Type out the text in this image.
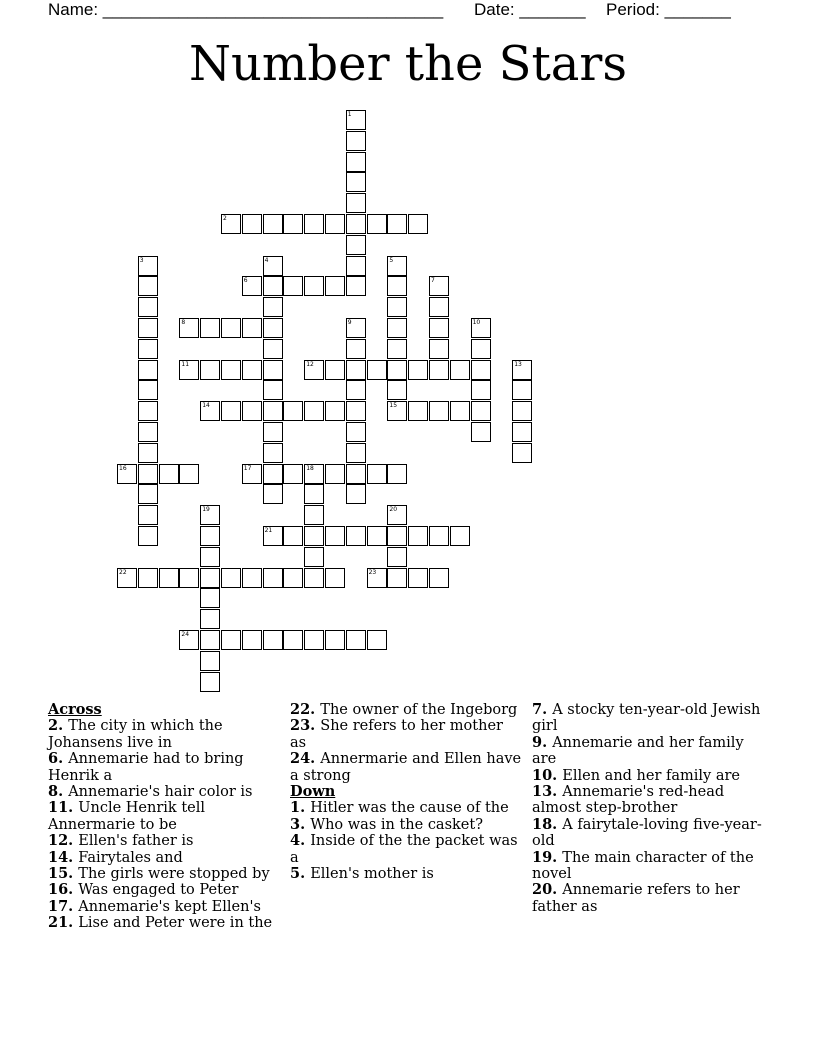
Name: ____________________________________ Date: _______ Period: _______
Number the Stars
1
2
3	4	5
15
6	7
8	9	10
11	12	13
14
16	17	18
19	20
21
22	23
24
Across
2. The city in which the Johansens live in
6. Annemarie had to bring Henrik a
8. Annemarie's hair color is
11. Uncle Henrik tell Annermarie to be
12. Ellen's father is
14. Fairytales and
15. The girls were stopped by
16. Was engaged to Peter
17. Annemarie's kept Ellen's
21. Lise and Peter were in the
22. The owner of the Ingeborg
23. She refers to her mother as
24. Annermarie and Ellen have a strong
Down
1. Hitler was the cause of the
3. Who was in the casket?
4. Inside of the the packet was a
5. Ellen's mother is
7. A stocky ten-year-old Jewish girl
9. Annemarie and her family are
10. Ellen and her family are
13. Annemarie's red-head almost step-brother
18. A fairytale-loving five-year-old
19. The main character of the novel
20. Annemarie refers to her father as
